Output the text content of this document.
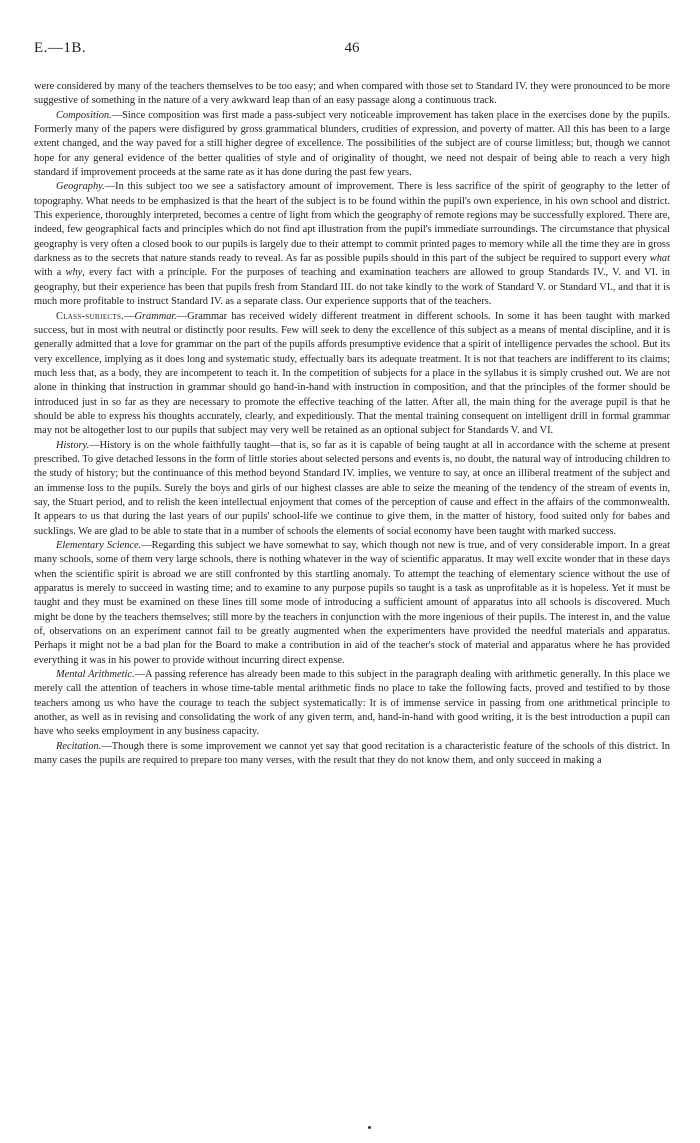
E.—1B.	46

were considered by many of the teachers themselves to be too easy; and when compared with those set to Standard IV. they were pronounced to be more suggestive of something in the nature of a very awkward leap than of an easy passage along a continuous track.

Composition.—Since composition was first made a pass-subject very noticeable improvement has taken place in the exercises done by the pupils. Formerly many of the papers were disfigured by gross grammatical blunders, crudities of expression, and poverty of matter. All this has been to a large extent changed, and the way paved for a still higher degree of excellence. The possibilities of the subject are of course limitless; but, though we cannot hope for any general evidence of the better qualities of style and of originality of thought, we need not despair of being able to reach a very high standard if improvement proceeds at the same rate as it has done during the past few years.

Geography.—In this subject too we see a satisfactory amount of improvement. There is less sacrifice of the spirit of geography to the letter of topography. What needs to be emphasized is that the heart of the subject is to be found within the pupil's own experience, in his own school and district. This experience, thoroughly interpreted, becomes a centre of light from which the geography of remote regions may be successfully explored. There are, indeed, few geographical facts and principles which do not find apt illustration from the pupil's immediate surroundings. The circumstance that physical geography is very often a closed book to our pupils is largely due to their attempt to commit printed pages to memory while all the time they are in gross darkness as to the secrets that nature stands ready to reveal. As far as possible pupils should in this part of the subject be required to support every what with a why, every fact with a principle. For the purposes of teaching and examination teachers are allowed to group Standards IV., V. and VI. in geography, but their experience has been that pupils fresh from Standard III. do not take kindly to the work of Standard V. or Standard VI., and that it is much more profitable to instruct Standard IV. as a separate class. Our experience supports that of the teachers.

Class-subjects.—Grammar.—Grammar has received widely different treatment in different schools. In some it has been taught with marked success, but in most with neutral or distinctly poor results. Few will seek to deny the excellence of this subject as a means of mental discipline, and it is generally admitted that a love for grammar on the part of the pupils affords presumptive evidence that a spirit of intelligence pervades the school. But its very excellence, implying as it does long and systematic study, effectually bars its adequate treatment. It is not that teachers are indifferent to its claims; much less that, as a body, they are incompetent to teach it. In the competition of subjects for a place in the syllabus it is simply crushed out. We are not alone in thinking that instruction in grammar should go hand-in-hand with instruction in composition, and that the principles of the former should be introduced just in so far as they are necessary to promote the effective teaching of the latter. After all, the main thing for the average pupil is that he should be able to express his thoughts accurately, clearly, and expeditiously. That the mental training consequent on intelligent drill in formal grammar may not be altogether lost to our pupils that subject may very well be retained as an optional subject for Standards V. and VI.

History.—History is on the whole faithfully taught—that is, so far as it is capable of being taught at all in accordance with the scheme at present prescribed. To give detached lessons in the form of little stories about selected persons and events is, no doubt, the natural way of introducing children to the study of history; but the continuance of this method beyond Standard IV. implies, we venture to say, at once an illiberal treatment of the subject and an immense loss to the pupils. Surely the boys and girls of our highest classes are able to seize the meaning of the tendency of the stream of events in, say, the Stuart period, and to relish the keen intellectual enjoyment that comes of the perception of cause and effect in the affairs of the commonwealth. It appears to us that during the last years of our pupils' school-life we continue to give them, in the matter of history, food suited only for babes and sucklings. We are glad to be able to state that in a number of schools the elements of social economy have been taught with marked success.

Elementary Science.—Regarding this subject we have somewhat to say, which though not new is true, and of very considerable import. In a great many schools, some of them very large schools, there is nothing whatever in the way of scientific apparatus. It may well excite wonder that in these days when the scientific spirit is abroad we are still confronted by this startling anomaly. To attempt the teaching of elementary science without the use of apparatus is merely to succeed in wasting time; and to examine to any purpose pupils so taught is a task as unprofitable as it is hopeless. Yet it must be taught and they must be examined on these lines till some mode of introducing a sufficient amount of apparatus into all schools is discovered. Much might be done by the teachers themselves; still more by the teachers in conjunction with the more ingenious of their pupils. The interest in, and the value of, observations on an experiment cannot fail to be greatly augmented when the experimenters have provided the needful materials and apparatus. Perhaps it might not be a bad plan for the Board to make a contribution in aid of the teacher's stock of material and apparatus where he has provided everything it was in his power to provide without incurring direct expense.

Mental Arithmetic.—A passing reference has already been made to this subject in the paragraph dealing with arithmetic generally. In this place we merely call the attention of teachers in whose time-table mental arithmetic finds no place to take the following facts, proved and testified to by those teachers among us who have the courage to teach the subject systematically: It is of immense service in passing from one arithmetical principle to another, as well as in revising and consolidating the work of any given term, and, hand-in-hand with good writing, it is the best introduction a pupil can have who seeks employment in any business capacity.

Recitation.—Though there is some improvement we cannot yet say that good recitation is a characteristic feature of the schools of this district. In many cases the pupils are required to prepare too many verses, with the result that they do not know them, and only succeed in making a
